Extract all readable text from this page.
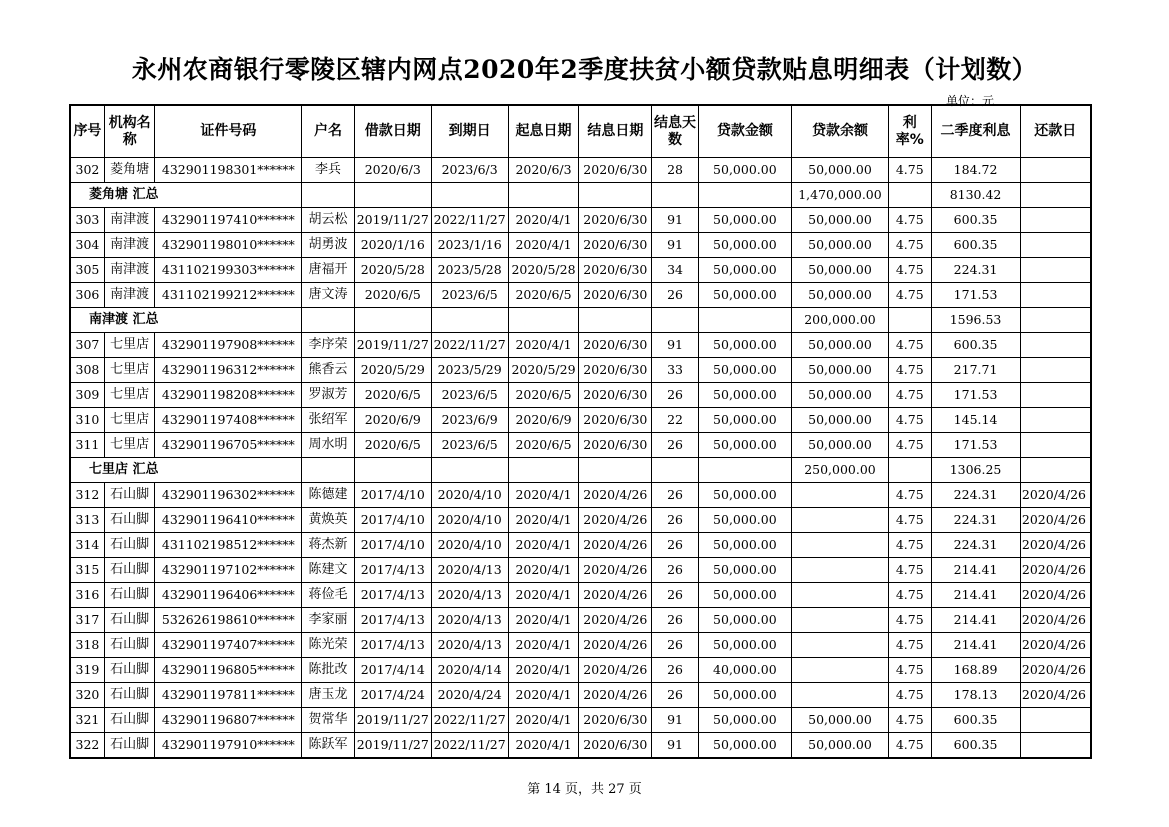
永州农商银行零陵区辖内网点2020年2季度扶贫小额贷款贴息明细表（计划数）
单位：元
序号	机构名称	证件号码	户名	借款日期	到期日	起息日期	结息日期	结息天数	贷款金额	贷款余额	利率%	二季度利息	还款日
302	菱角塘	432901198301******	李兵	2020/6/3	2023/6/3	2020/6/3	2020/6/30	28	50,000.00	50,000.00	4.75	184.72	
菱角塘 汇总										1,470,000.00		8130.42	
303	南津渡	432901197410******	胡云松	2019/11/27	2022/11/27	2020/4/1	2020/6/30	91	50,000.00	50,000.00	4.75	600.35	
304	南津渡	432901198010******	胡勇波	2020/1/16	2023/1/16	2020/4/1	2020/6/30	91	50,000.00	50,000.00	4.75	600.35	
305	南津渡	431102199303******	唐福开	2020/5/28	2023/5/28	2020/5/28	2020/6/30	34	50,000.00	50,000.00	4.75	224.31	
306	南津渡	431102199212******	唐文涛	2020/6/5	2023/6/5	2020/6/5	2020/6/30	26	50,000.00	50,000.00	4.75	171.53	
南津渡 汇总										200,000.00		1596.53	
307	七里店	432901197908******	李序荣	2019/11/27	2022/11/27	2020/4/1	2020/6/30	91	50,000.00	50,000.00	4.75	600.35	
308	七里店	432901196312******	熊香云	2020/5/29	2023/5/29	2020/5/29	2020/6/30	33	50,000.00	50,000.00	4.75	217.71	
309	七里店	432901198208******	罗淑芳	2020/6/5	2023/6/5	2020/6/5	2020/6/30	26	50,000.00	50,000.00	4.75	171.53	
310	七里店	432901197408******	张绍军	2020/6/9	2023/6/9	2020/6/9	2020/6/30	22	50,000.00	50,000.00	4.75	145.14	
311	七里店	432901196705******	周水明	2020/6/5	2023/6/5	2020/6/5	2020/6/30	26	50,000.00	50,000.00	4.75	171.53	
七里店 汇总										250,000.00		1306.25	
312	石山脚	432901196302******	陈德建	2017/4/10	2020/4/10	2020/4/1	2020/4/26	26	50,000.00		4.75	224.31	2020/4/26
313	石山脚	432901196410******	黄焕英	2017/4/10	2020/4/10	2020/4/1	2020/4/26	26	50,000.00		4.75	224.31	2020/4/26
314	石山脚	431102198512******	蒋杰新	2017/4/10	2020/4/10	2020/4/1	2020/4/26	26	50,000.00		4.75	224.31	2020/4/26
315	石山脚	432901197102******	陈建文	2017/4/13	2020/4/13	2020/4/1	2020/4/26	26	50,000.00		4.75	214.41	2020/4/26
316	石山脚	432901196406******	蒋俭毛	2017/4/13	2020/4/13	2020/4/1	2020/4/26	26	50,000.00		4.75	214.41	2020/4/26
317	石山脚	532626198610******	李家丽	2017/4/13	2020/4/13	2020/4/1	2020/4/26	26	50,000.00		4.75	214.41	2020/4/26
318	石山脚	432901197407******	陈光荣	2017/4/13	2020/4/13	2020/4/1	2020/4/26	26	50,000.00		4.75	214.41	2020/4/26
319	石山脚	432901196805******	陈批改	2017/4/14	2020/4/14	2020/4/1	2020/4/26	26	40,000.00		4.75	168.89	2020/4/26
320	石山脚	432901197811******	唐玉龙	2017/4/24	2020/4/24	2020/4/1	2020/4/26	26	50,000.00		4.75	178.13	2020/4/26
321	石山脚	432901196807******	贺常华	2019/11/27	2022/11/27	2020/4/1	2020/6/30	91	50,000.00	50,000.00	4.75	600.35	
322	石山脚	432901197910******	陈跃军	2019/11/27	2022/11/27	2020/4/1	2020/6/30	91	50,000.00	50,000.00	4.75	600.35	
第 14 页，共 27 页
